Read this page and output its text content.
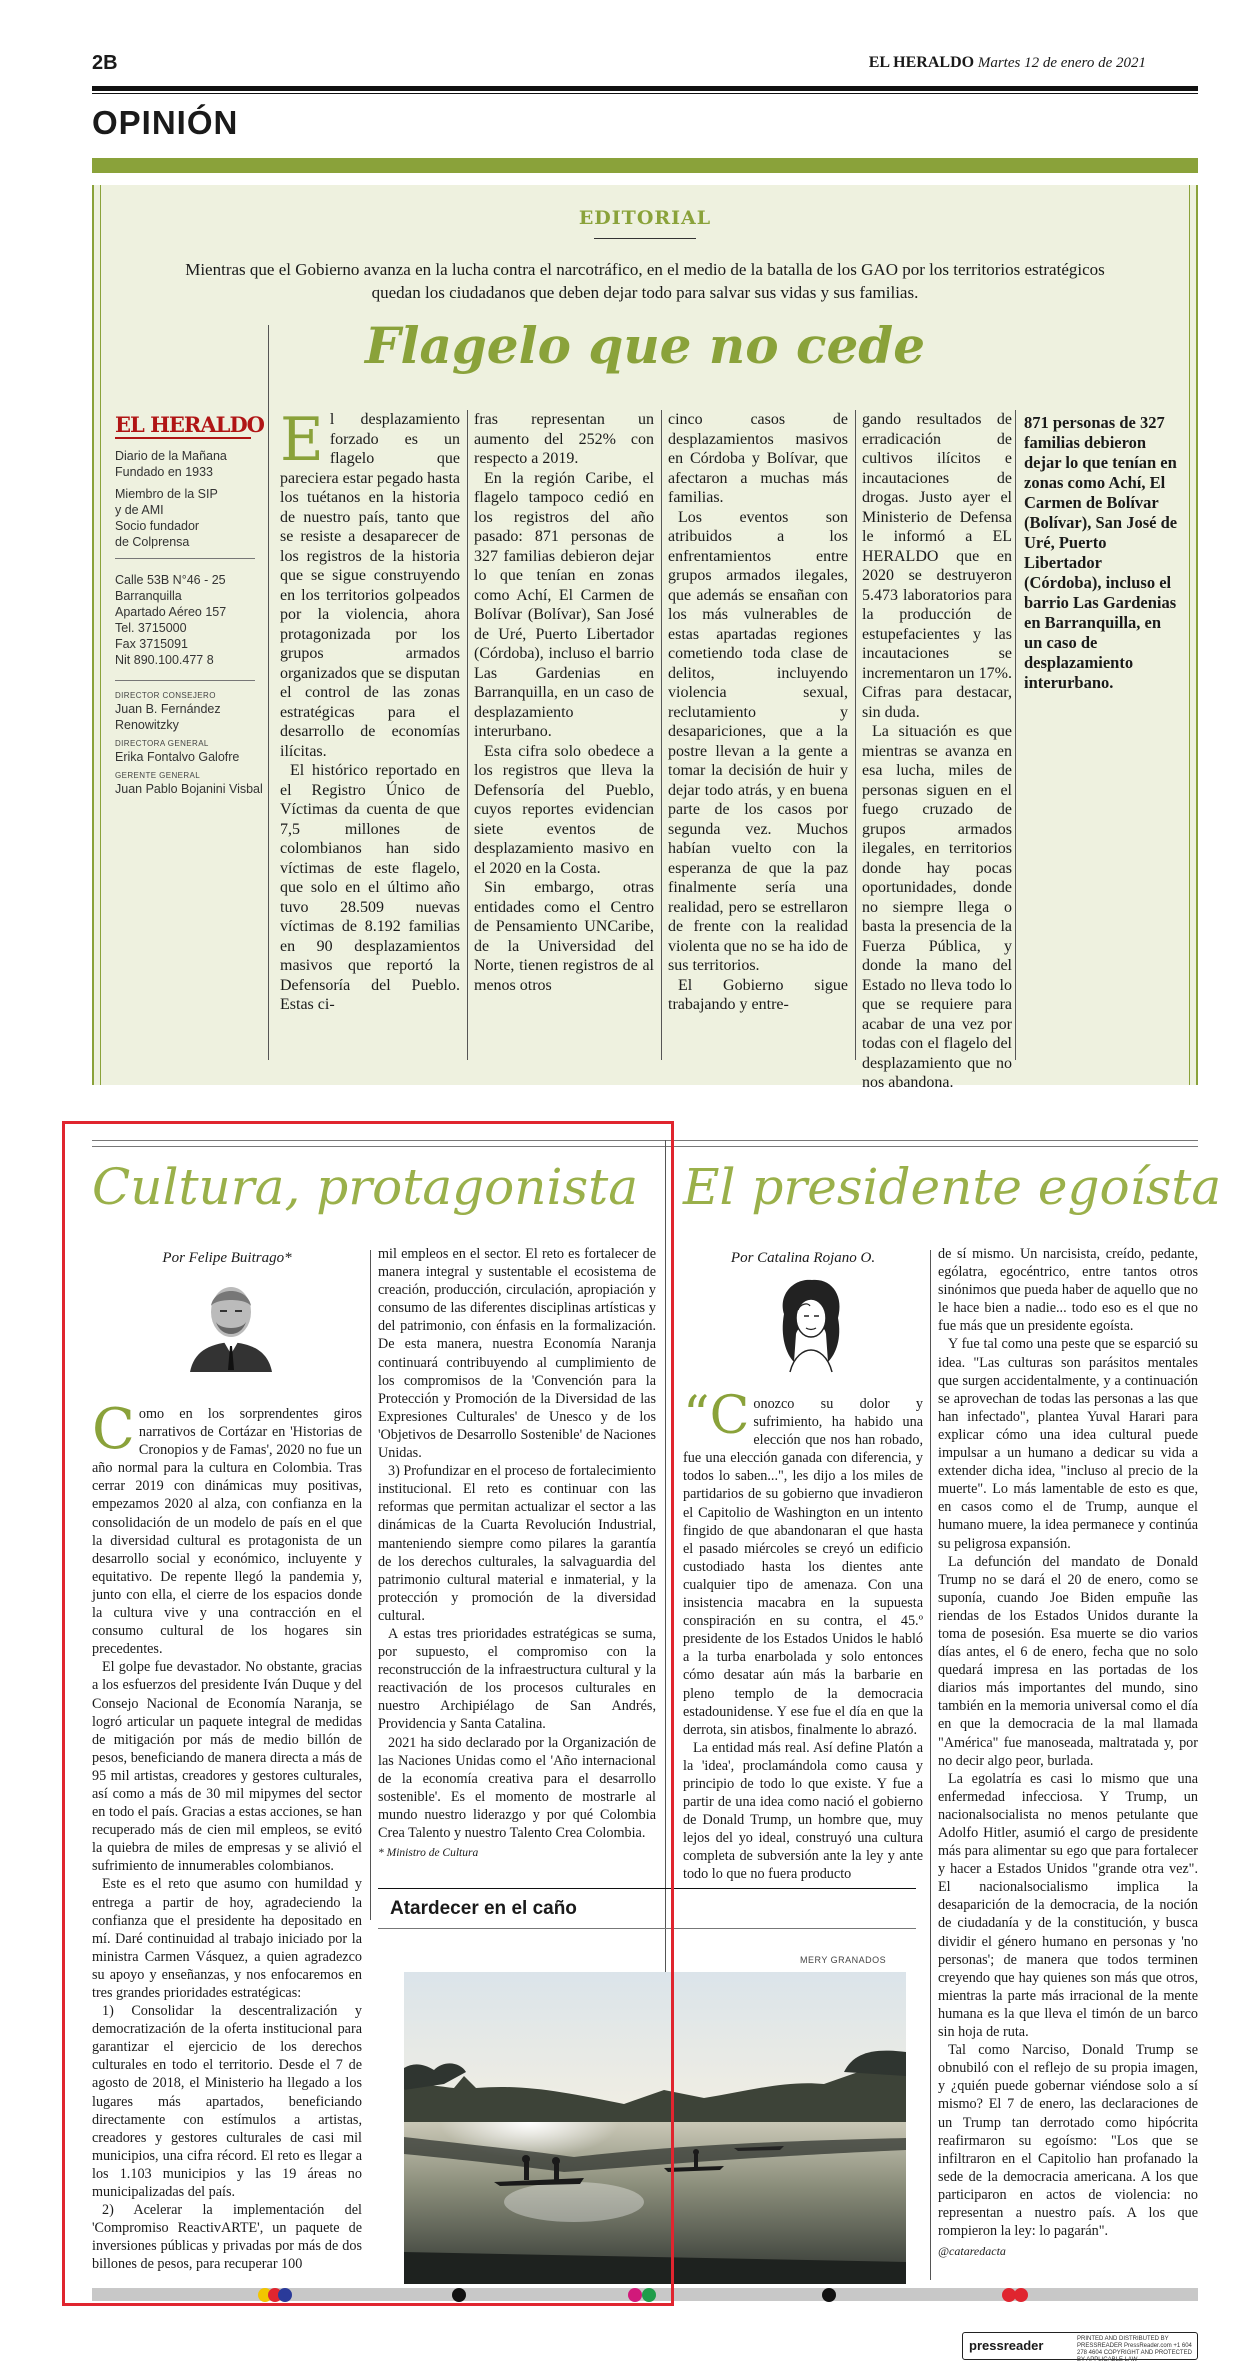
2B	EL HERALDO Martes 12 de enero de 2021
OPINIÓN
EDITORIAL
Mientras que el Gobierno avanza en la lucha contra el narcotráfico, en el medio de la batalla de los GAO por los territorios estratégicos quedan los ciudadanos que deben dejar todo para salvar sus vidas y sus familias.
Flagelo que no cede
EL HERALDO
Diario de la Mañana
Fundado en 1933
Miembro de la SIP
y de AMI
Socio fundador
de Colprensa
Calle 53B N°46 - 25
Barranquilla
Apartado Aéreo 157
Tel. 3715000
Fax 3715091
Nit 890.100.477 8
DIRECTOR CONSEJERO
Juan B. Fernández
Renowitzky
DIRECTORA GENERAL
Erika Fontalvo Galofre
GERENTE GENERAL
Juan Pablo Bojanini Visbal
E l desplazamiento forzado es un flagelo que pareciera estar pegado hasta los tuétanos en la historia de nuestro país, tanto que se resiste a desaparecer de los registros de la historia que se sigue construyendo en los territorios golpeados por la violencia, ahora protagonizada por los grupos armados organizados que se disputan el control de las zonas estratégicas para el desarrollo de economías ilícitas.

El histórico reportado en el Registro Único de Víctimas da cuenta de que 7,5 millones de colombianos han sido víctimas de este flagelo, que solo en el último año tuvo 28.509 nuevas víctimas de 8.192 familias en 90 desplazamientos masivos que reportó la Defensoría del Pueblo. Estas ci-

fras representan un aumento del 252% con respecto a 2019.

En la región Caribe, el flagelo tampoco cedió en los registros del año pasado: 871 personas de 327 familias debieron dejar lo que tenían en zonas como Achí, El Carmen de Bolívar (Bolívar), San José de Uré, Puerto Libertador (Córdoba), incluso el barrio Las Gardenias en Barranquilla, en un caso de desplazamiento interurbano.

Esta cifra solo obedece a los registros que lleva la Defensoría del Pueblo, cuyos reportes evidencian siete eventos de desplazamiento masivo en el 2020 en la Costa.

Sin embargo, otras entidades como el Centro de Pensamiento UNCaribe, de la Universidad del Norte, tienen registros de al menos otros

cinco casos de desplazamientos masivos en Córdoba y Bolívar, que afectaron a muchas más familias.

Los eventos son atribuidos a los enfrentamientos entre grupos armados ilegales, que además se ensañan con los más vulnerables de estas apartadas regiones cometiendo toda clase de delitos, incluyendo violencia sexual, reclutamiento y desapariciones, que a la postre llevan a la gente a tomar la decisión de huir y dejar todo atrás, y en buena parte de los casos por segunda vez. Muchos habían vuelto con la esperanza de que la paz finalmente sería una realidad, pero se estrellaron de frente con la realidad violenta que no se ha ido de sus territorios.

El Gobierno sigue trabajando y entre-

gando resultados de erradicación de cultivos ilícitos e incautaciones de drogas. Justo ayer el Ministerio de Defensa le informó a EL HERALDO que en 2020 se destruyeron 5.473 laboratorios para la producción de estupefacientes y las incautaciones se incrementaron un 17%. Cifras para destacar, sin duda.

La situación es que mientras se avanza en esa lucha, miles de personas siguen en el fuego cruzado de grupos armados ilegales, en territorios donde hay pocas oportunidades, donde no siempre llega o basta la presencia de la Fuerza Pública, y donde la mano del Estado no lleva todo lo que se requiere para acabar de una vez por todas con el flagelo del desplazamiento que no nos abandona.

871 personas de 327 familias debieron dejar lo que tenían en zonas como Achí, El Carmen de Bolívar (Bolívar), San José de Uré, Puerto Libertador (Córdoba), incluso el barrio Las Gardenias en Barranquilla, en un caso de desplazamiento interurbano.
Cultura, protagonista
Por Felipe Buitrago*
C omo en los sorprendentes giros narrativos de Cortázar en 'Historias de Cronopios y de Famas', 2020 no fue un año normal para la cultura en Colombia. Tras cerrar 2019 con dinámicas muy positivas, empezamos 2020 al alza, con confianza en la consolidación de un modelo de país en el que la diversidad cultural es protagonista de un desarrollo social y económico, incluyente y equitativo. De repente llegó la pandemia y, junto con ella, el cierre de los espacios donde la cultura vive y una contracción en el consumo cultural de los hogares sin precedentes.

El golpe fue devastador. No obstante, gracias a los esfuerzos del presidente Iván Duque y del Consejo Nacional de Economía Naranja, se logró articular un paquete integral de medidas de mitigación por más de medio billón de pesos, beneficiando de manera directa a más de 95 mil artistas, creadores y gestores culturales, así como a más de 30 mil mipymes del sector en todo el país. Gracias a estas acciones, se han recuperado más de cien mil empleos, se evitó la quiebra de miles de empresas y se alivió el sufrimiento de innumerables colombianos.

Este es el reto que asumo con humildad y entrega a partir de hoy, agradeciendo la confianza que el presidente ha depositado en mí. Daré continuidad al trabajo iniciado por la ministra Carmen Vásquez, a quien agradezco su apoyo y enseñanzas, y nos enfocaremos en tres grandes prioridades estratégicas:

1) Consolidar la descentralización y democratización de la oferta institucional para garantizar el ejercicio de los derechos culturales en todo el territorio. Desde el 7 de agosto de 2018, el Ministerio ha llegado a los lugares más apartados, beneficiando directamente con estímulos a artistas, creadores y gestores culturales de casi mil municipios, una cifra récord. El reto es llegar a los 1.103 municipios y las 19 áreas no municipalizadas del país.

2) Acelerar la implementación del 'Compromiso ReactivARTE', un paquete de inversiones públicas y privadas por más de dos billones de pesos, para recuperar 100

mil empleos en el sector. El reto es fortalecer de manera integral y sustentable el ecosistema de creación, producción, circulación, apropiación y consumo de las diferentes disciplinas artísticas y del patrimonio, con énfasis en la formalización. De esta manera, nuestra Economía Naranja continuará contribuyendo al cumplimiento de los compromisos de la 'Convención para la Protección y Promoción de la Diversidad de las Expresiones Culturales' de Unesco y de los 'Objetivos de Desarrollo Sostenible' de Naciones Unidas.

3) Profundizar en el proceso de fortalecimiento institucional. El reto es continuar con las reformas que permitan actualizar el sector a las dinámicas de la Cuarta Revolución Industrial, manteniendo siempre como pilares la garantía de los derechos culturales, la salvaguardia del patrimonio cultural material e inmaterial, y la protección y promoción de la diversidad cultural.

A estas tres prioridades estratégicas se suma, por supuesto, el compromiso con la reconstrucción de la infraestructura cultural y la reactivación de los procesos culturales en nuestro Archipiélago de San Andrés, Providencia y Santa Catalina.

2021 ha sido declarado por la Organización de las Naciones Unidas como el 'Año internacional de la economía creativa para el desarrollo sostenible'. Es el momento de mostrarle al mundo nuestro liderazgo y por qué Colombia Crea Talento y nuestro Talento Crea Colombia.

* Ministro de Cultura
El presidente egoísta
Por Catalina Rojano O.
“C onozco su dolor y sufrimiento, ha habido una elección que nos han robado, fue una elección ganada con diferencia, y todos lo saben...", les dijo a los miles de partidarios de su gobierno que invadieron el Capitolio de Washington en un intento fingido de que abandonaran el que hasta el pasado miércoles se creyó un edificio custodiado hasta los dientes ante cualquier tipo de amenaza. Con una insistencia macabra en la supuesta conspiración en su contra, el 45.º presidente de los Estados Unidos le habló a la turba enarbolada y solo entonces cómo desatar aún más la barbarie en pleno templo de la democracia estadounidense. Y ese fue el día en que la derrota, sin atisbos, finalmente lo abrazó.

La entidad más real. Así define Platón a la 'idea', proclamándola como causa y principio de todo lo que existe. Y fue a partir de una idea como nació el gobierno de Donald Trump, un hombre que, muy lejos del yo ideal, construyó una cultura completa de subversión ante la ley y ante todo lo que no fuera producto

de sí mismo. Un narcisista, creído, pedante, ególatra, egocéntrico, entre tantos otros sinónimos que pueda haber de aquello que no le hace bien a nadie... todo eso es el que no fue más que un presidente egoísta.

Y fue tal como una peste que se esparció su idea. "Las culturas son parásitos mentales que surgen accidentalmente, y a continuación se aprovechan de todas las personas a las que han infectado", plantea Yuval Harari para explicar cómo una idea cultural puede impulsar a un humano a dedicar su vida a extender dicha idea, "incluso al precio de la muerte". Lo más lamentable de esto es que, en casos como el de Trump, aunque el humano muere, la idea permanece y continúa su peligrosa expansión.

La defunción del mandato de Donald Trump no se dará el 20 de enero, como se suponía, cuando Joe Biden empuñe las riendas de los Estados Unidos durante la toma de posesión. Esa muerte se dio varios días antes, el 6 de enero, fecha que no solo quedará impresa en las portadas de los diarios más importantes del mundo, sino también en la memoria universal como el día en que la democracia de la mal llamada "América" fue manoseada, maltratada y, por no decir algo peor, burlada.

La egolatría es casi lo mismo que una enfermedad infecciosa. Y Trump, un nacionalsocialista no menos petulante que Adolfo Hitler, asumió el cargo de presidente más para alimentar su ego que para fortalecer y hacer a Estados Unidos "grande otra vez". El nacionalsocialismo implica la desaparición de la democracia, de la noción de ciudadanía y de la constitución, y busca dividir el género humano en personas y 'no personas'; de manera que todos terminen creyendo que hay quienes son más que otros, mientras la parte más irracional de la mente humana es la que lleva el timón de un barco sin hoja de ruta.

Tal como Narciso, Donald Trump se obnubiló con el reflejo de su propia imagen, y ¿quién puede gobernar viéndose solo a sí mismo? El 7 de enero, las declaraciones de un Trump tan derrotado como hipócrita reafirmaron su egoísmo: "Los que se infiltraron en el Capitolio han profanado la sede de la democracia americana. A los que participaron en actos de violencia: no representan a nuestro país. A los que rompieron la ley: lo pagarán".

@cataredacta
Atardecer en el caño
MERY GRANADOS
pressreader	PRINTED AND DISTRIBUTED BY PRESSREADER PressReader.com +1 604 278 4604 COPYRIGHT AND PROTECTED BY APPLICABLE LAW
